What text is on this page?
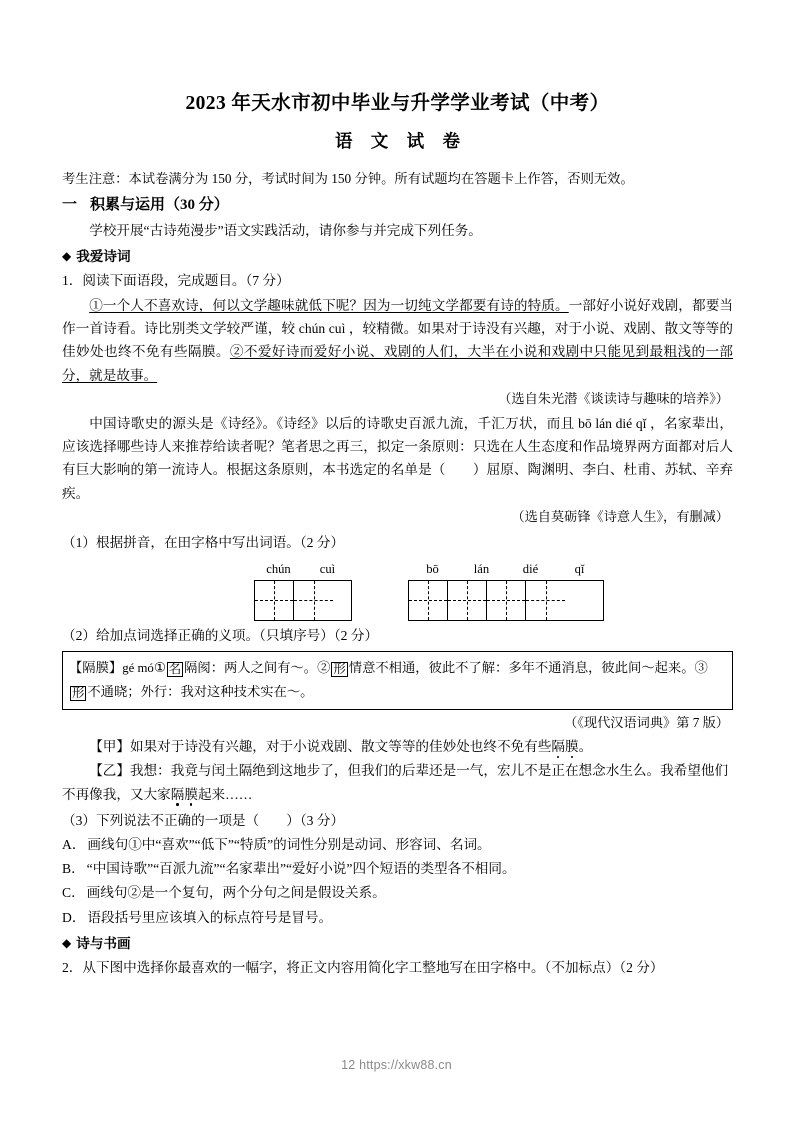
2023 年天水市初中毕业与升学学业考试（中考）
语 文 试 卷

考生注意：本试卷满分为 150 分，考试时间为 150 分钟。所有试题均在答题卡上作答，否则无效。

一 积累与运用（30 分）

学校开展“古诗苑漫步”语文实践活动，请你参与并完成下列任务。

◆ 我爱诗词

1．阅读下面语段，完成题目。（7 分）

①一个人不喜欢诗，何以文学趣味就低下呢？因为一切纯文学都要有诗的特质。一部好小说好戏剧，都要当作一首诗看。诗比别类文学较严谨，较 chún cuì ，较精微。如果对于诗没有兴趣，对于小说、戏剧、散文等等的佳妙处也终不免有些隔膜。②不爱好诗而爱好小说、戏剧的人们，大半在小说和戏剧中只能见到最粗浅的一部分，就是故事。

（选自朱光潜《谈读诗与趣味的培养》）

中国诗歌史的源头是《诗经》。《诗经》以后的诗歌史百派九流，千汇万状，而且 bō lán dié qǐ ，名家辈出，应该选择哪些诗人来推荐给读者呢？笔者思之再三，拟定一条原则：只选在人生态度和作品境界两方面都对后人有巨大影响的第一流诗人。根据这条原则，本书选定的名单是（　　）屈原、陶渊明、李白、杜甫、苏轼、辛弃疾。

（选自莫砺锋《诗意人生》，有删减）

（1）根据拼音，在田字格中写出词语。（2 分）

chún	cuì	bō	lán	dié	qǐ

（2）给加点词选择正确的义项。（只填序号）（2 分）

【隔膜】gé mó① 名 隔阂：两人之间有～。② 形 情意不相通，彼此不了解：多年不通消息，彼此间～起来。③形 不通晓；外行：我对这种技术实在～。

（《现代汉语词典》第 7 版）

【甲】如果对于诗没有兴趣，对于小说戏剧、散文等等的佳妙处也终不免有些隔膜。

【乙】我想：我竟与闰土隔绝到这地步了，但我们的后辈还是一气，宏儿不是正在想念水生么。我希望他们不再像我，又大家隔膜起来……

（3）下列说法不正确的一项是（　　）（3 分）

A． 画线句①中“喜欢”“低下”“特质”的词性分别是动词、形容词、名词。

B． “中国诗歌”“百派九流”“名家辈出”“爱好小说”四个短语的类型各不相同。

C． 画线句②是一个复句，两个分句之间是假设关系。

D． 语段括号里应该填入的标点符号是冒号。

◆ 诗与书画

2．从下图中选择你最喜欢的一幅字，将正文内容用简化字工整地写在田字格中。（不加标点）（2 分）

12 https://xkw88.cn
